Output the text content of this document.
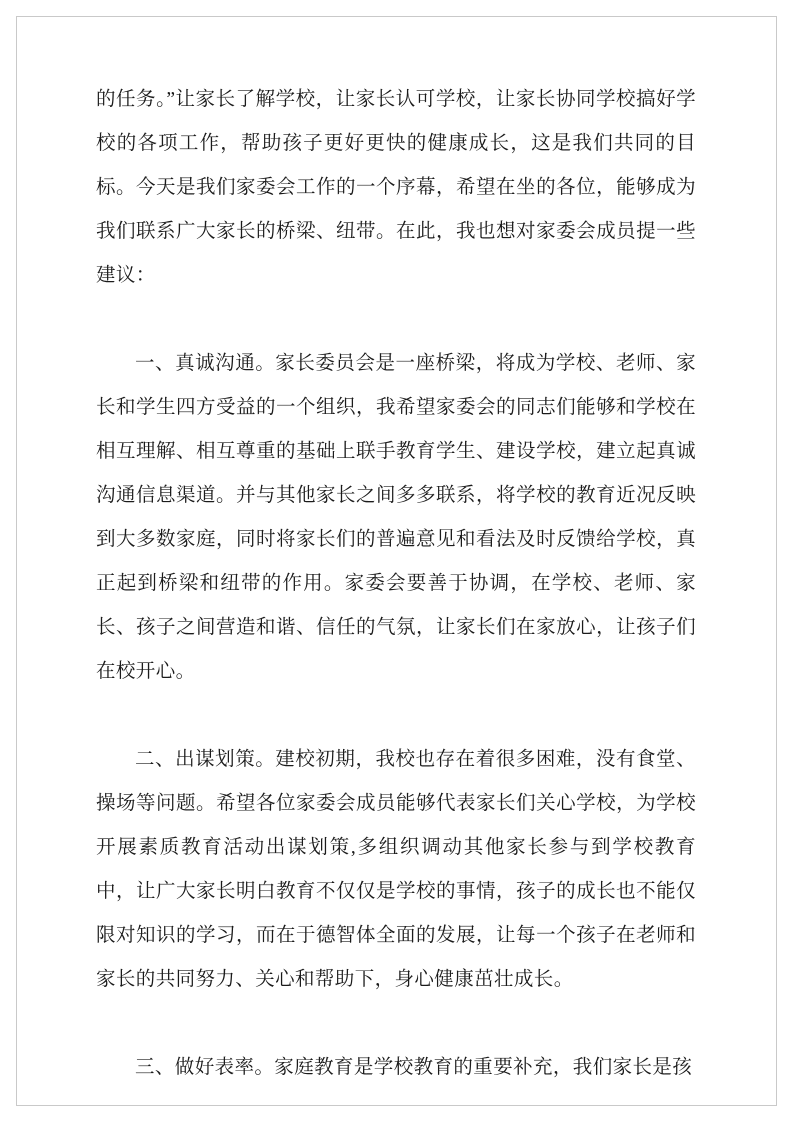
的任务。”让家长了解学校，让家长认可学校，让家长协同学校搞好学校的各项工作，帮助孩子更好更快的健康成长，这是我们共同的目标。今天是我们家委会工作的一个序幕，希望在坐的各位，能够成为我们联系广大家长的桥梁、纽带。在此，我也想对家委会成员提一些建议：

一、真诚沟通。家长委员会是一座桥梁，将成为学校、老师、家长和学生四方受益的一个组织，我希望家委会的同志们能够和学校在相互理解、相互尊重的基础上联手教育学生、建设学校，建立起真诚沟通信息渠道。并与其他家长之间多多联系，将学校的教育近况反映到大多数家庭，同时将家长们的普遍意见和看法及时反馈给学校，真正起到桥梁和纽带的作用。家委会要善于协调，在学校、老师、家长、孩子之间营造和谐、信任的气氛，让家长们在家放心，让孩子们在校开心。

二、出谋划策。建校初期，我校也存在着很多困难，没有食堂、操场等问题。希望各位家委会成员能够代表家长们关心学校，为学校开展素质教育活动出谋划策,多组织调动其他家长参与到学校教育中，让广大家长明白教育不仅仅是学校的事情，孩子的成长也不能仅限对知识的学习，而在于德智体全面的发展，让每一个孩子在老师和家长的共同努力、关心和帮助下，身心健康茁壮成长。

三、做好表率。家庭教育是学校教育的重要补充，我们家长是孩
